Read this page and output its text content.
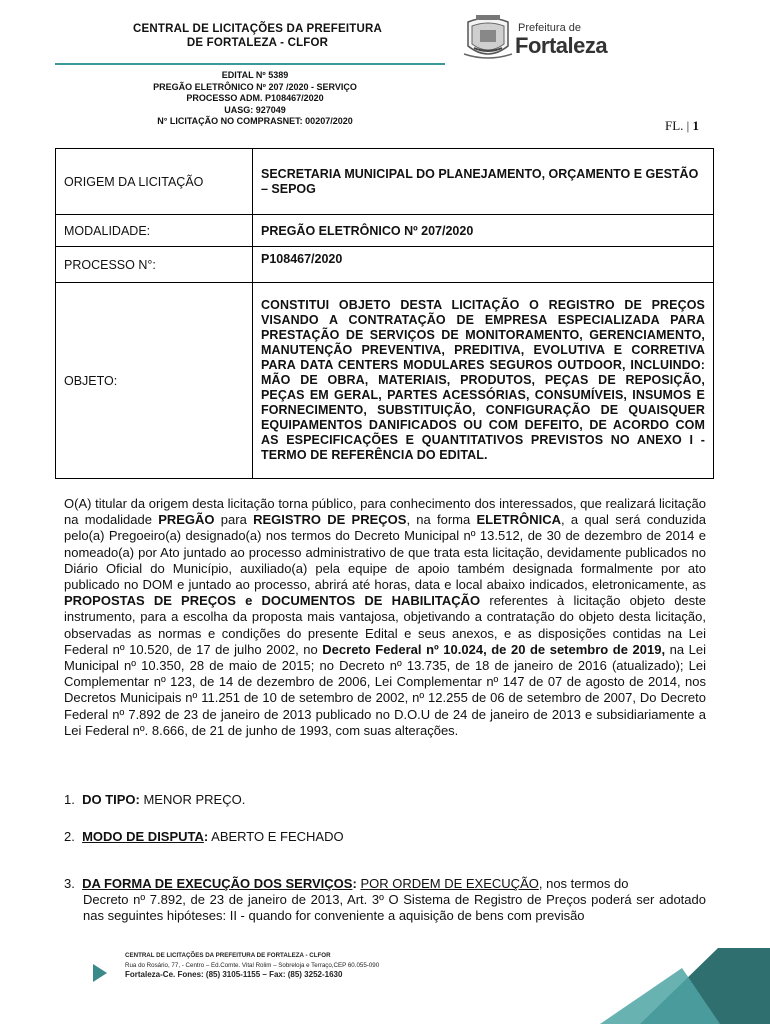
CENTRAL DE LICITAÇÕES DA PREFEITURA
DE FORTALEZA - CLFOR
Prefeitura de
Fortaleza
EDITAL Nº 5389
PREGÃO ELETRÔNICO Nº 207 /2020 - SERVIÇO
PROCESSO ADM. P108467/2020
UASG: 927049
N° LICITAÇÃO NO COMPRASNET: 00207/2020	FL. | 1
ORIGEM DA LICITAÇÃO	SECRETARIA MUNICIPAL DO PLANEJAMENTO, ORÇAMENTO E GESTÃO – SEPOG
MODALIDADE:	PREGÃO ELETRÔNICO Nº 207/2020
PROCESSO N°:	P108467/2020
OBJETO:	CONSTITUI OBJETO DESTA LICITAÇÃO O REGISTRO DE PREÇOS VISANDO A CONTRATAÇÃO DE EMPRESA ESPECIALIZADA PARA PRESTAÇÃO DE SERVIÇOS DE MONITORAMENTO, GERENCIAMENTO, MANUTENÇÃO PREVENTIVA, PREDITIVA, EVOLUTIVA E CORRETIVA PARA DATA CENTERS MODULARES SEGUROS OUTDOOR, INCLUINDO: MÃO DE OBRA, MATERIAIS, PRODUTOS, PEÇAS DE REPOSIÇÃO, PEÇAS EM GERAL, PARTES ACESSÓRIAS, CONSUMÍVEIS, INSUMOS E FORNECIMENTO, SUBSTITUIÇÃO, CONFIGURAÇÃO DE QUAISQUER EQUIPAMENTOS DANIFICADOS OU COM DEFEITO, DE ACORDO COM AS ESPECIFICAÇÕES E QUANTITATIVOS PREVISTOS NO ANEXO I - TERMO DE REFERÊNCIA DO EDITAL.
O(A) titular da origem desta licitação torna público, para conhecimento dos interessados, que realizará licitação na modalidade PREGÃO para REGISTRO DE PREÇOS, na forma ELETRÔNICA, a qual será conduzida pelo(a) Pregoeiro(a) designado(a) nos termos do Decreto Municipal nº 13.512, de 30 de dezembro de 2014 e nomeado(a) por Ato juntado ao processo administrativo de que trata esta licitação, devidamente publicados no Diário Oficial do Município, auxiliado(a) pela equipe de apoio também designada formalmente por ato publicado no DOM e juntado ao processo, abrirá até horas, data e local abaixo indicados, eletronicamente, as PROPOSTAS DE PREÇOS e DOCUMENTOS DE HABILITAÇÃO referentes à licitação objeto deste instrumento, para a escolha da proposta mais vantajosa, objetivando a contratação do objeto desta licitação, observadas as normas e condições do presente Edital e seus anexos, e as disposições contidas na Lei Federal nº 10.520, de 17 de julho 2002, no Decreto Federal nº 10.024, de 20 de setembro de 2019, na Lei Municipal nº 10.350, 28 de maio de 2015; no Decreto nº 13.735, de 18 de janeiro de 2016 (atualizado); Lei Complementar nº 123, de 14 de dezembro de 2006, Lei Complementar nº 147 de 07 de agosto de 2014, nos Decretos Municipais nº 11.251 de 10 de setembro de 2002, nº 12.255 de 06 de setembro de 2007, Do Decreto Federal nº 7.892 de 23 de janeiro de 2013 publicado no D.O.U de 24 de janeiro de 2013 e subsidiariamente a Lei Federal nº. 8.666, de 21 de junho de 1993, com suas alterações.
1. DO TIPO: MENOR PREÇO.
2. MODO DE DISPUTA: ABERTO E FECHADO
3. DA FORMA DE EXECUÇÃO DOS SERVIÇOS: POR ORDEM DE EXECUÇÃO, nos termos do
Decreto nº 7.892, de 23 de janeiro de 2013, Art. 3º O Sistema de Registro de Preços poderá ser adotado nas seguintes hipóteses: II - quando for conveniente a aquisição de bens com previsão
CENTRAL DE LICITAÇÕES DA PREFEITURA DE FORTALEZA - CLFOR
Rua do Rosário, 77, - Centro – Ed.Comte. Vital Rolim – Sobreloja e Terraço,CEP 60.055-090
Fortaleza-Ce. Fones: (85) 3105-1155 – Fax: (85) 3252-1630
